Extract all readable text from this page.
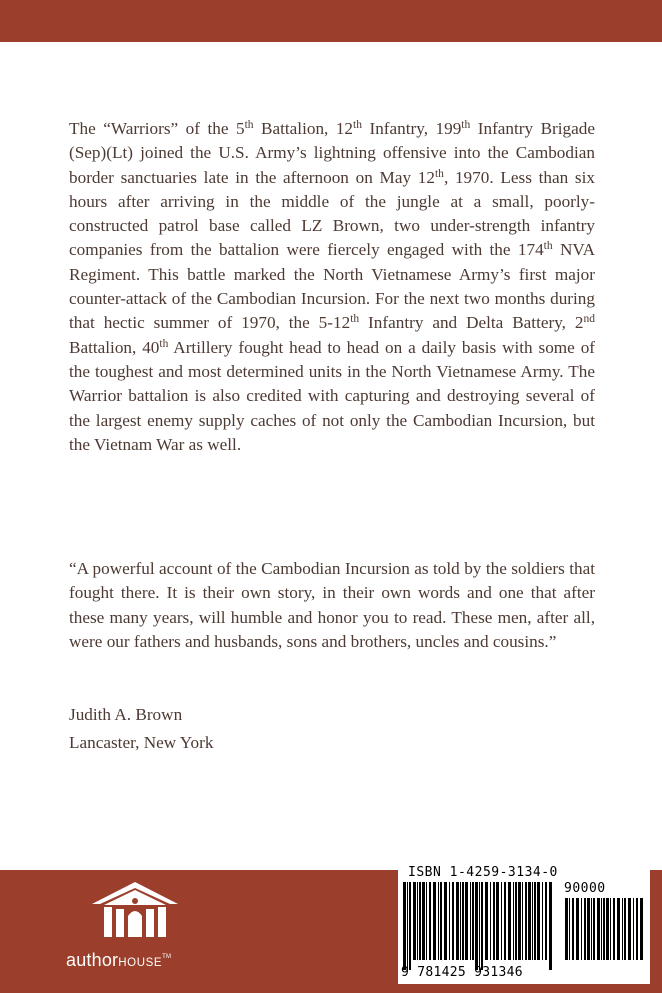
The “Warriors” of the 5th Battalion, 12th Infantry, 199th Infantry Brigade (Sep)(Lt) joined the U.S. Army’s lightning offensive into the Cambodian border sanctuaries late in the afternoon on May 12th, 1970. Less than six hours after arriving in the middle of the jungle at a small, poorly-constructed patrol base called LZ Brown, two under-strength infantry companies from the battalion were fiercely engaged with the 174th NVA Regiment. This battle marked the North Vietnamese Army’s first major counter-attack of the Cambodian Incursion. For the next two months during that hectic summer of 1970, the 5-12th Infantry and Delta Battery, 2nd Battalion, 40th Artillery fought head to head on a daily basis with some of the toughest and most determined units in the North Vietnamese Army. The Warrior battalion is also credited with capturing and destroying several of the largest enemy supply caches of not only the Cambodian Incursion, but the Vietnam War as well.

“A powerful account of the Cambodian Incursion as told by the soldiers that fought there. It is their own story, in their own words and one that after these many years, will humble and honor you to read. These men, after all, were our fathers and husbands, sons and brothers, uncles and cousins.”

Judith A. Brown
Lancaster, New York
authorHOUSE™
ISBN 1-4259-3134-0
90000
9 781425 931346
